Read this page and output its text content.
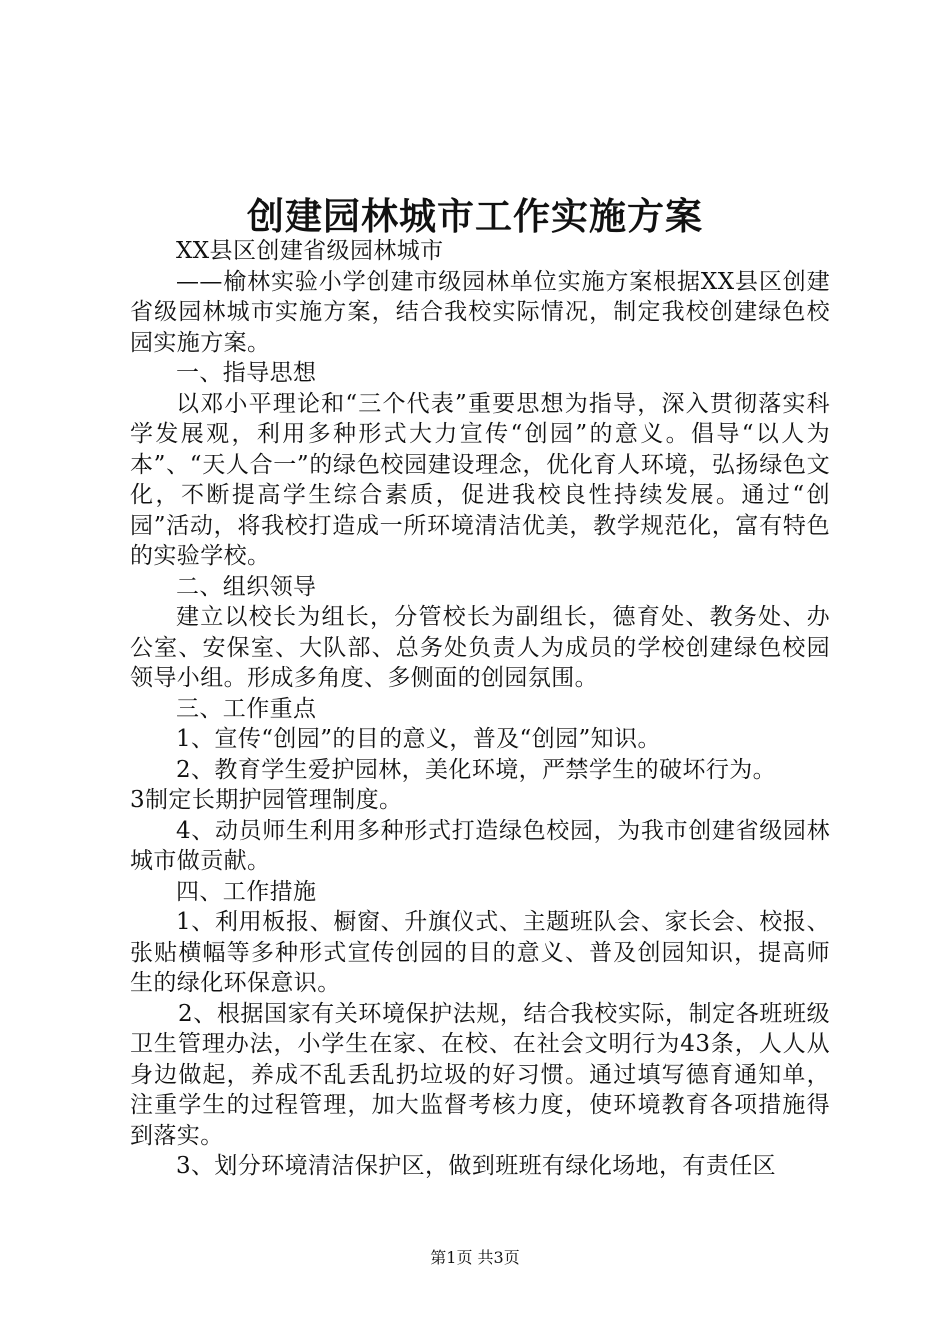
创建园林城市工作实施方案

XX县区创建省级园林城市

——榆林实验小学创建市级园林单位实施方案根据XX县区创建省级园林城市实施方案，结合我校实际情况，制定我校创建绿色校园实施方案。

一、指导思想

以邓小平理论和“三个代表”重要思想为指导，深入贯彻落实科学发展观，利用多种形式大力宣传“创园”的意义。倡导“以人为本”、“天人合一”的绿色校园建设理念，优化育人环境，弘扬绿色文化，不断提高学生综合素质，促进我校良性持续发展。通过“创园”活动，将我校打造成一所环境清洁优美，教学规范化，富有特色的实验学校。

二、组织领导

建立以校长为组长，分管校长为副组长，德育处、教务处、办公室、安保室、大队部、总务处负责人为成员的学校创建绿色校园领导小组。形成多角度、多侧面的创园氛围。

三、工作重点

1、宣传“创园”的目的意义，普及“创园”知识。

2、教育学生爱护园林，美化环境，严禁学生的破坏行为。

3制定长期护园管理制度。

4、动员师生利用多种形式打造绿色校园，为我市创建省级园林城市做贡献。

四、工作措施

1、利用板报、橱窗、升旗仪式、主题班队会、家长会、校报、张贴横幅等多种形式宣传创园的目的意义、普及创园知识，提高师生的绿化环保意识。

2、根据国家有关环境保护法规，结合我校实际，制定各班班级卫生管理办法，小学生在家、在校、在社会文明行为43条，人人从身边做起，养成不乱丢乱扔垃圾的好习惯。通过填写德育通知单，注重学生的过程管理，加大监督考核力度，使环境教育各项措施得到落实。

3、划分环境清洁保护区，做到班班有绿化场地，有责任区

第1页 共3页
